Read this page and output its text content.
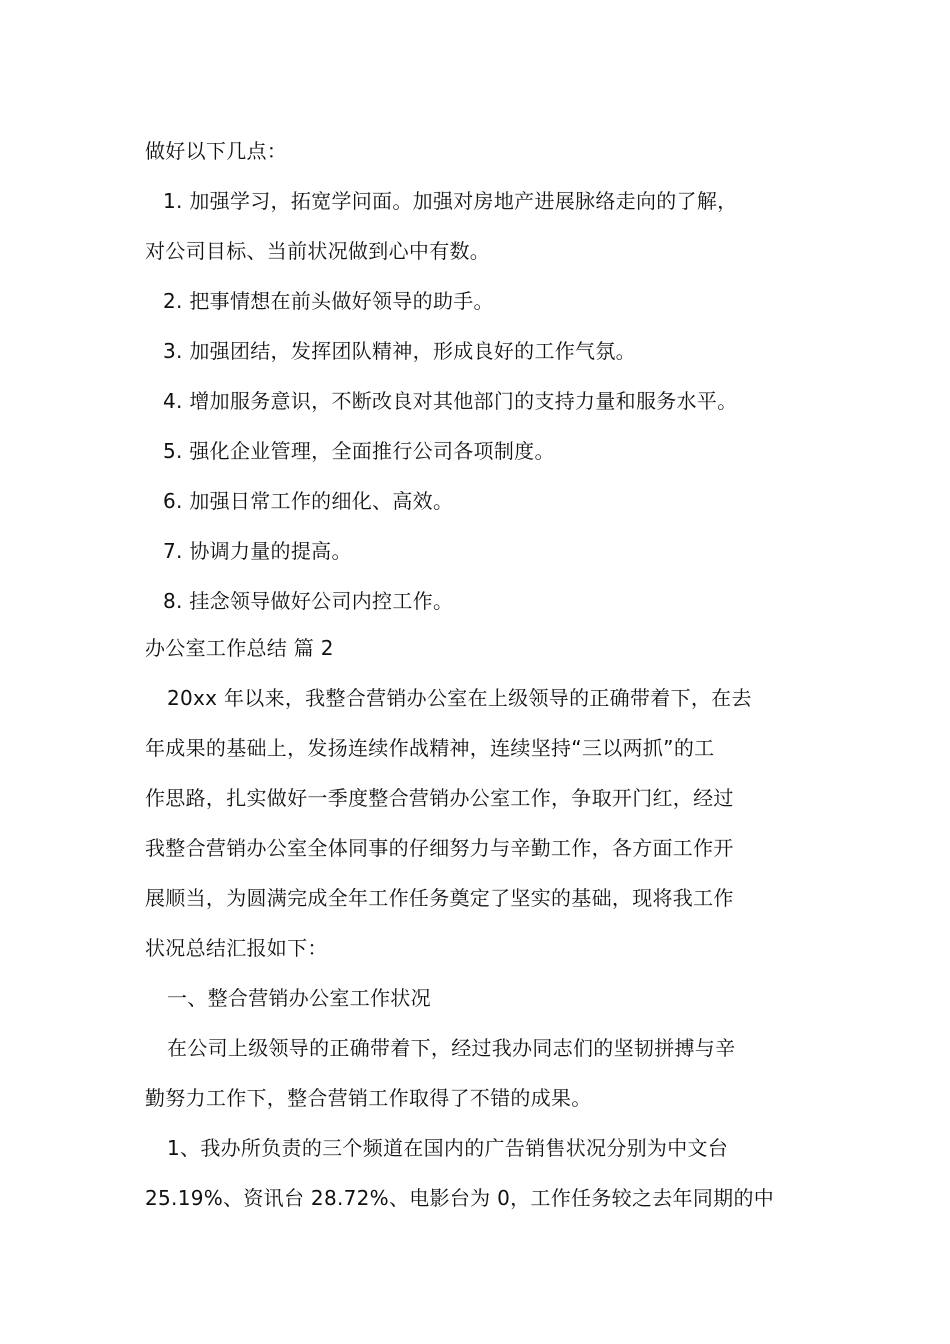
做好以下几点：
1. 加强学习，拓宽学问面。加强对房地产进展脉络走向的了解，
对公司目标、当前状况做到心中有数。
2. 把事情想在前头做好领导的助手。
3. 加强团结，发挥团队精神，形成良好的工作气氛。
4. 增加服务意识，不断改良对其他部门的支持力量和服务水平。
5. 强化企业管理，全面推行公司各项制度。
6. 加强日常工作的细化、高效。
7. 协调力量的提高。
8. 挂念领导做好公司内控工作。
办公室工作总结 篇 2
20xx 年以来，我整合营销办公室在上级领导的正确带着下，在去
年成果的基础上，发扬连续作战精神，连续坚持“三以两抓”的工
作思路，扎实做好一季度整合营销办公室工作，争取开门红，经过
我整合营销办公室全体同事的仔细努力与辛勤工作，各方面工作开
展顺当，为圆满完成全年工作任务奠定了坚实的基础，现将我工作
状况总结汇报如下：
一、整合营销办公室工作状况
在公司上级领导的正确带着下，经过我办同志们的坚韧拼搏与辛
勤努力工作下，整合营销工作取得了不错的成果。
1、我办所负责的三个频道在国内的广告销售状况分别为中文台
25.19%、资讯台 28.72%、电影台为 0，工作任务较之去年同期的中
